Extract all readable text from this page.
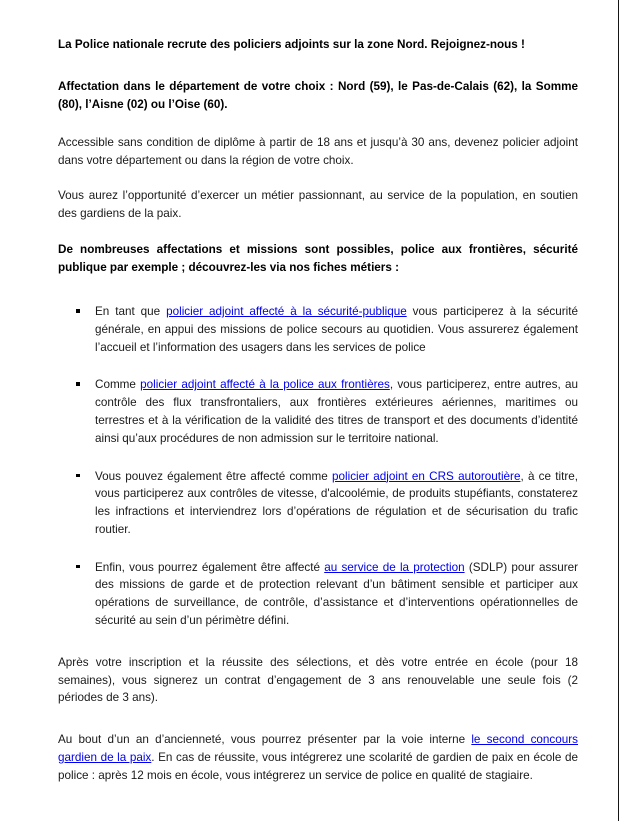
La Police nationale recrute des policiers adjoints sur la zone Nord. Rejoignez-nous !

Affectation dans le département de votre choix : Nord (59), le Pas-de-Calais (62), la Somme (80), l’Aisne (02) ou l’Oise (60).

Accessible sans condition de diplôme à partir de 18 ans et jusqu’à 30 ans, devenez policier adjoint dans votre département ou dans la région de votre choix.

Vous aurez l’opportunité d’exercer un métier passionnant, au service de la population, en soutien des gardiens de la paix.

De nombreuses affectations et missions sont possibles, police aux frontières, sécurité publique par exemple ; découvrez-les via nos fiches métiers :

En tant que policier adjoint affecté à la sécurité-publique vous participerez à la sécurité générale, en appui des missions de police secours au quotidien. Vous assurerez également l’accueil et l’information des usagers dans les services de police

Comme policier adjoint affecté à la police aux frontières, vous participerez, entre autres, au contrôle des flux transfrontaliers, aux frontières extérieures aériennes, maritimes ou terrestres et à la vérification de la validité des titres de transport et des documents d’identité ainsi qu’aux procédures de non admission sur le territoire national.

Vous pouvez également être affecté comme policier adjoint en CRS autoroutière, à ce titre, vous participerez aux contrôles de vitesse, d'alcoolémie, de produits stupéfiants, constaterez les infractions et interviendrez lors d’opérations de régulation et de sécurisation du trafic routier.

Enfin, vous pourrez également être affecté au service de la protection (SDLP) pour assurer des missions de garde et de protection relevant d’un bâtiment sensible et participer aux opérations de surveillance, de contrôle, d’assistance et d’interventions opérationnelles de sécurité au sein d’un périmètre défini.

Après votre inscription et la réussite des sélections, et dès votre entrée en école (pour 18 semaines), vous signerez un contrat d’engagement de 3 ans renouvelable une seule fois (2 périodes de 3 ans).

Au bout d’un an d’ancienneté, vous pourrez présenter par la voie interne le second concours gardien de la paix. En cas de réussite, vous intégrerez une scolarité de gardien de paix en école de police : après 12 mois en école, vous intégrerez un service de police en qualité de stagiaire.
